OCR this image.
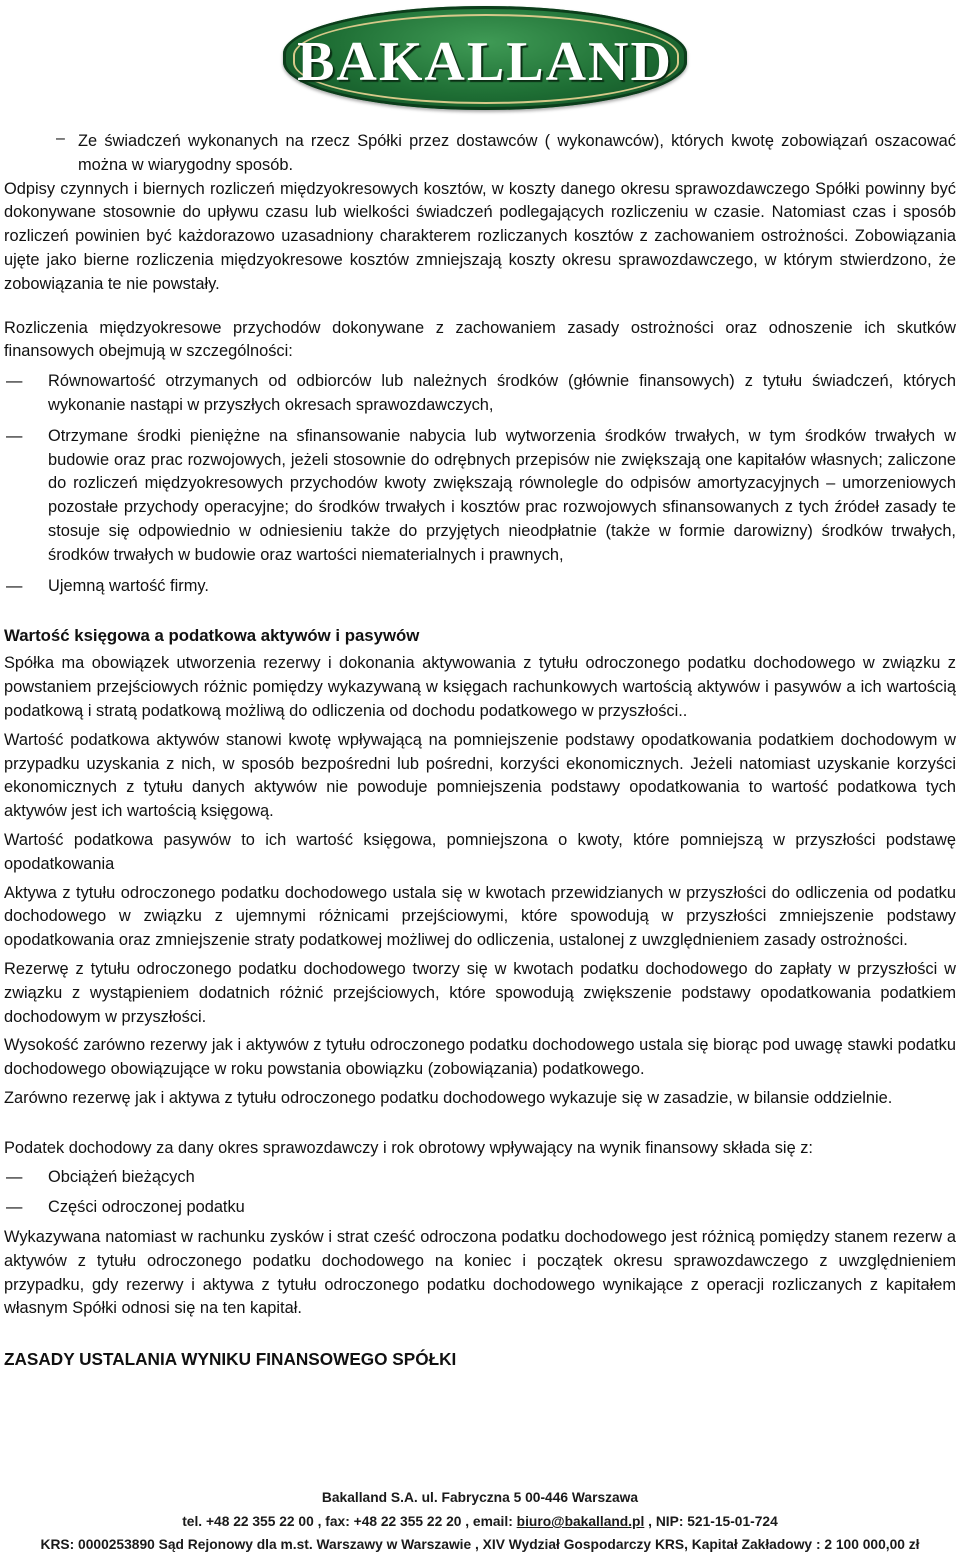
BAKALLAND
– Ze świadczeń wykonanych na rzecz Spółki przez dostawców ( wykonawców), których kwotę zobowiązań oszacować można w wiarygodny sposób.

Odpisy czynnych i biernych rozliczeń międzyokresowych kosztów, w koszty danego okresu sprawozdawczego Spółki powinny być dokonywane stosownie do upływu czasu lub wielkości świadczeń podlegających rozliczeniu w czasie. Natomiast czas i sposób rozliczeń powinien być każdorazowo uzasadniony charakterem rozliczanych kosztów z zachowaniem ostrożności. Zobowiązania ujęte jako bierne rozliczenia międzyokresowe kosztów zmniejszają koszty okresu sprawozdawczego, w którym stwierdzono, że zobowiązania te nie powstały.

Rozliczenia międzyokresowe przychodów dokonywane z zachowaniem zasady ostrożności oraz odnoszenie ich skutków finansowych obejmują w szczególności:

— Równowartość otrzymanych od odbiorców lub należnych środków (głównie finansowych) z tytułu świadczeń, których wykonanie nastąpi w przyszłych okresach sprawozdawczych,
— Otrzymane środki pieniężne na sfinansowanie nabycia lub wytworzenia środków trwałych, w tym środków trwałych w budowie oraz prac rozwojowych, jeżeli stosownie do odrębnych przepisów nie zwiększają one kapitałów własnych; zaliczone do rozliczeń międzyokresowych przychodów kwoty zwiększają równolegle do odpisów amortyzacyjnych – umorzeniowych pozostałe przychody operacyjne; do środków trwałych i kosztów prac rozwojowych sfinansowanych z tych źródeł zasady te stosuje się odpowiednio w odniesieniu także do przyjętych nieodpłatnie (także w formie darowizny) środków trwałych, środków trwałych w budowie oraz wartości niematerialnych i prawnych,
— Ujemną wartość firmy.
Wartość księgowa a podatkowa aktywów i pasywów

Spółka ma obowiązek utworzenia rezerwy i dokonania aktywowania z tytułu odroczonego podatku dochodowego w związku z powstaniem przejściowych różnic pomiędzy wykazywaną w księgach rachunkowych wartością aktywów i pasywów a ich wartością podatkową i stratą podatkową możliwą do odliczenia od dochodu podatkowego w przyszłości..

Wartość podatkowa aktywów stanowi kwotę wpływającą na pomniejszenie podstawy opodatkowania podatkiem dochodowym w przypadku uzyskania z nich, w sposób bezpośredni lub pośredni, korzyści ekonomicznych. Jeżeli natomiast uzyskanie korzyści ekonomicznych z tytułu danych aktywów nie powoduje pomniejszenia podstawy opodatkowania to wartość podatkowa tych aktywów jest ich wartością księgową.

Wartość podatkowa pasywów to ich wartość księgowa, pomniejszona o kwoty, które pomniejszą w przyszłości podstawę opodatkowania

Aktywa z tytułu odroczonego podatku dochodowego ustala się w kwotach przewidzianych w przyszłości do odliczenia od podatku dochodowego w związku z ujemnymi różnicami przejściowymi, które spowodują w przyszłości zmniejszenie podstawy opodatkowania oraz zmniejszenie straty podatkowej możliwej do odliczenia, ustalonej z uwzględnieniem zasady ostrożności.

Rezerwę z tytułu odroczonego podatku dochodowego tworzy się w kwotach podatku dochodowego do zapłaty w przyszłości w związku z wystąpieniem dodatnich różnić przejściowych, które spowodują zwiększenie podstawy opodatkowania podatkiem dochodowym w przyszłości.

Wysokość zarówno rezerwy jak i aktywów z tytułu odroczonego podatku dochodowego ustala się biorąc pod uwagę stawki podatku dochodowego obowiązujące w roku powstania obowiązku (zobowiązania) podatkowego.

Zarówno rezerwę jak i aktywa z tytułu odroczonego podatku dochodowego wykazuje się w zasadzie, w bilansie oddzielnie.

Podatek dochodowy za dany okres sprawozdawczy i rok obrotowy wpływający na wynik finansowy składa się z:

— Obciążeń bieżących
— Części odroczonej podatku

Wykazywana natomiast w rachunku zysków i strat cześć odroczona podatku dochodowego jest różnicą pomiędzy stanem rezerw a aktywów z tytułu odroczonego podatku dochodowego na koniec i początek okresu sprawozdawczego z uwzględnieniem przypadku, gdy rezerwy i aktywa z tytułu odroczonego podatku dochodowego wynikające z operacji rozliczanych z kapitałem własnym Spółki odnosi się na ten kapitał.

ZASADY USTALANIA WYNIKU FINANSOWEGO SPÓŁKI
Bakalland S.A. ul. Fabryczna 5 00-446 Warszawa
tel. +48 22 355 22 00 , fax: +48 22 355 22 20 , email: biuro@bakalland.pl , NIP: 521-15-01-724
KRS: 0000253890 Sąd Rejonowy dla m.st. Warszawy w Warszawie , XIV Wydział Gospodarczy KRS, Kapitał Zakładowy : 2 100 000,00 zł
